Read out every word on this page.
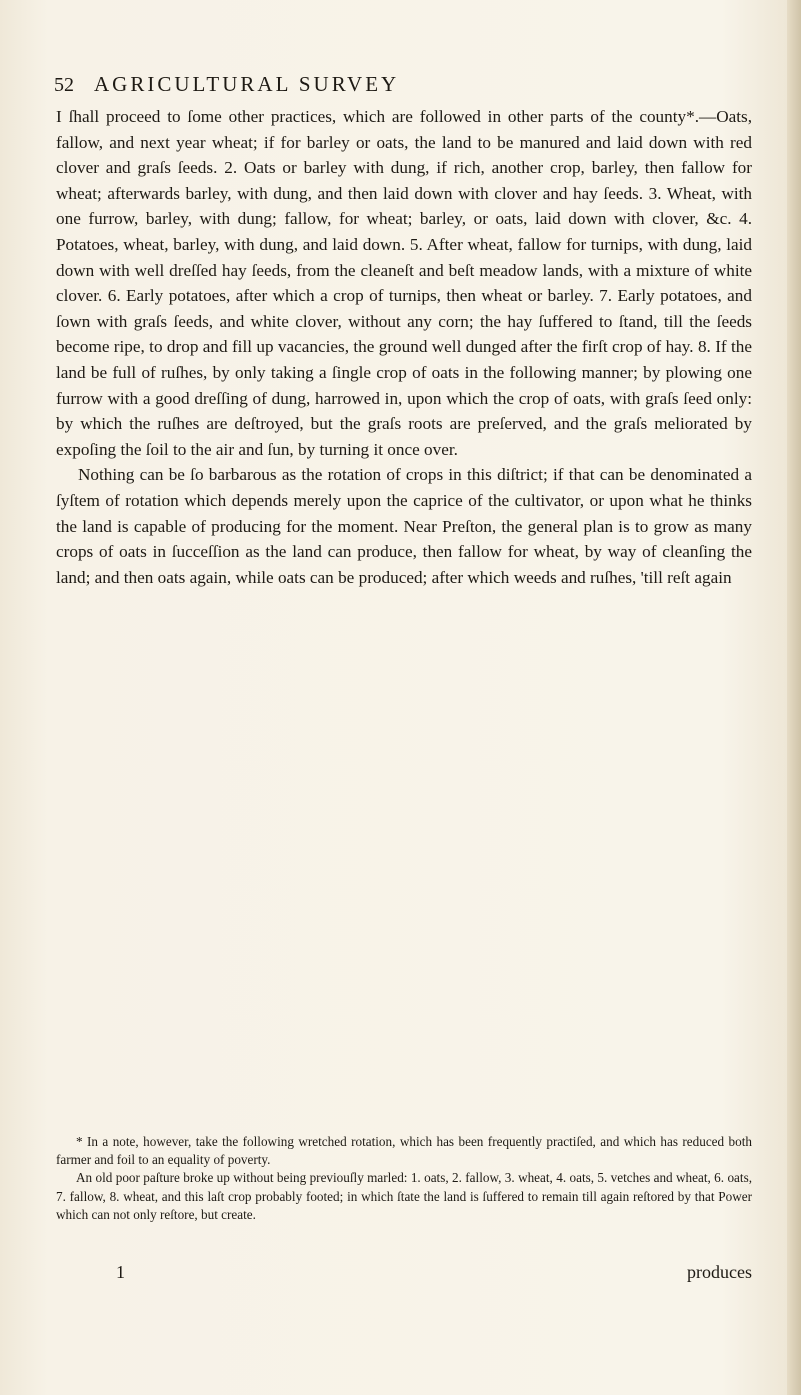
52 AGRICULTURAL SURVEY

I ſhall proceed to ſome other practices, which are followed in other parts of the county*.—Oats, fallow, and next year wheat; if for barley or oats, the land to be manured and laid down with red clover and graſs ſeeds. 2. Oats or barley with dung, if rich, another crop, barley, then fallow for wheat; afterwards barley, with dung, and then laid down with clover and hay ſeeds. 3. Wheat, with one furrow, barley, with dung; fallow, for wheat; barley, or oats, laid down with clover, &c. 4. Potatoes, wheat, barley, with dung, and laid down. 5. After wheat, fallow for turnips, with dung, laid down with well dreſſed hay ſeeds, from the cleaneſt and beſt meadow lands, with a mixture of white clover. 6. Early potatoes, after which a crop of turnips, then wheat or barley. 7. Early potatoes, and ſown with graſs ſeeds, and white clover, without any corn; the hay ſuffered to ſtand, till the ſeeds become ripe, to drop and fill up vacancies, the ground well dunged after the firſt crop of hay. 8. If the land be full of ruſhes, by only taking a ſingle crop of oats in the following manner; by plowing one furrow with a good dreſſing of dung, harrowed in, upon which the crop of oats, with graſs ſeed only: by which the ruſhes are deſtroyed, but the graſs roots are preſerved, and the graſs meliorated by expoſing the ſoil to the air and ſun, by turning it once over.

Nothing can be ſo barbarous as the rotation of crops in this diſtrict; if that can be denominated a ſyſtem of rotation which depends merely upon the caprice of the cultivator, or upon what he thinks the land is capable of producing for the moment. Near Preſton, the general plan is to grow as many crops of oats in ſucceſſion as the land can produce, then fallow for wheat, by way of cleanſing the land; and then oats again, while oats can be produced; after which weeds and ruſhes, 'till reſt again

* In a note, however, take the following wretched rotation, which has been frequently practiſed, and which has reduced both farmer and foil to an equality of poverty.

An old poor paſture broke up without being previouſly marled: 1. oats, 2. fallow, 3. wheat, 4. oats, 5. vetches and wheat, 6. oats, 7. fallow, 8. wheat, and this laſt crop probably footed; in which ſtate the land is ſuffered to remain till again reſtored by that Power which can not only reſtore, but create.

1	produces
